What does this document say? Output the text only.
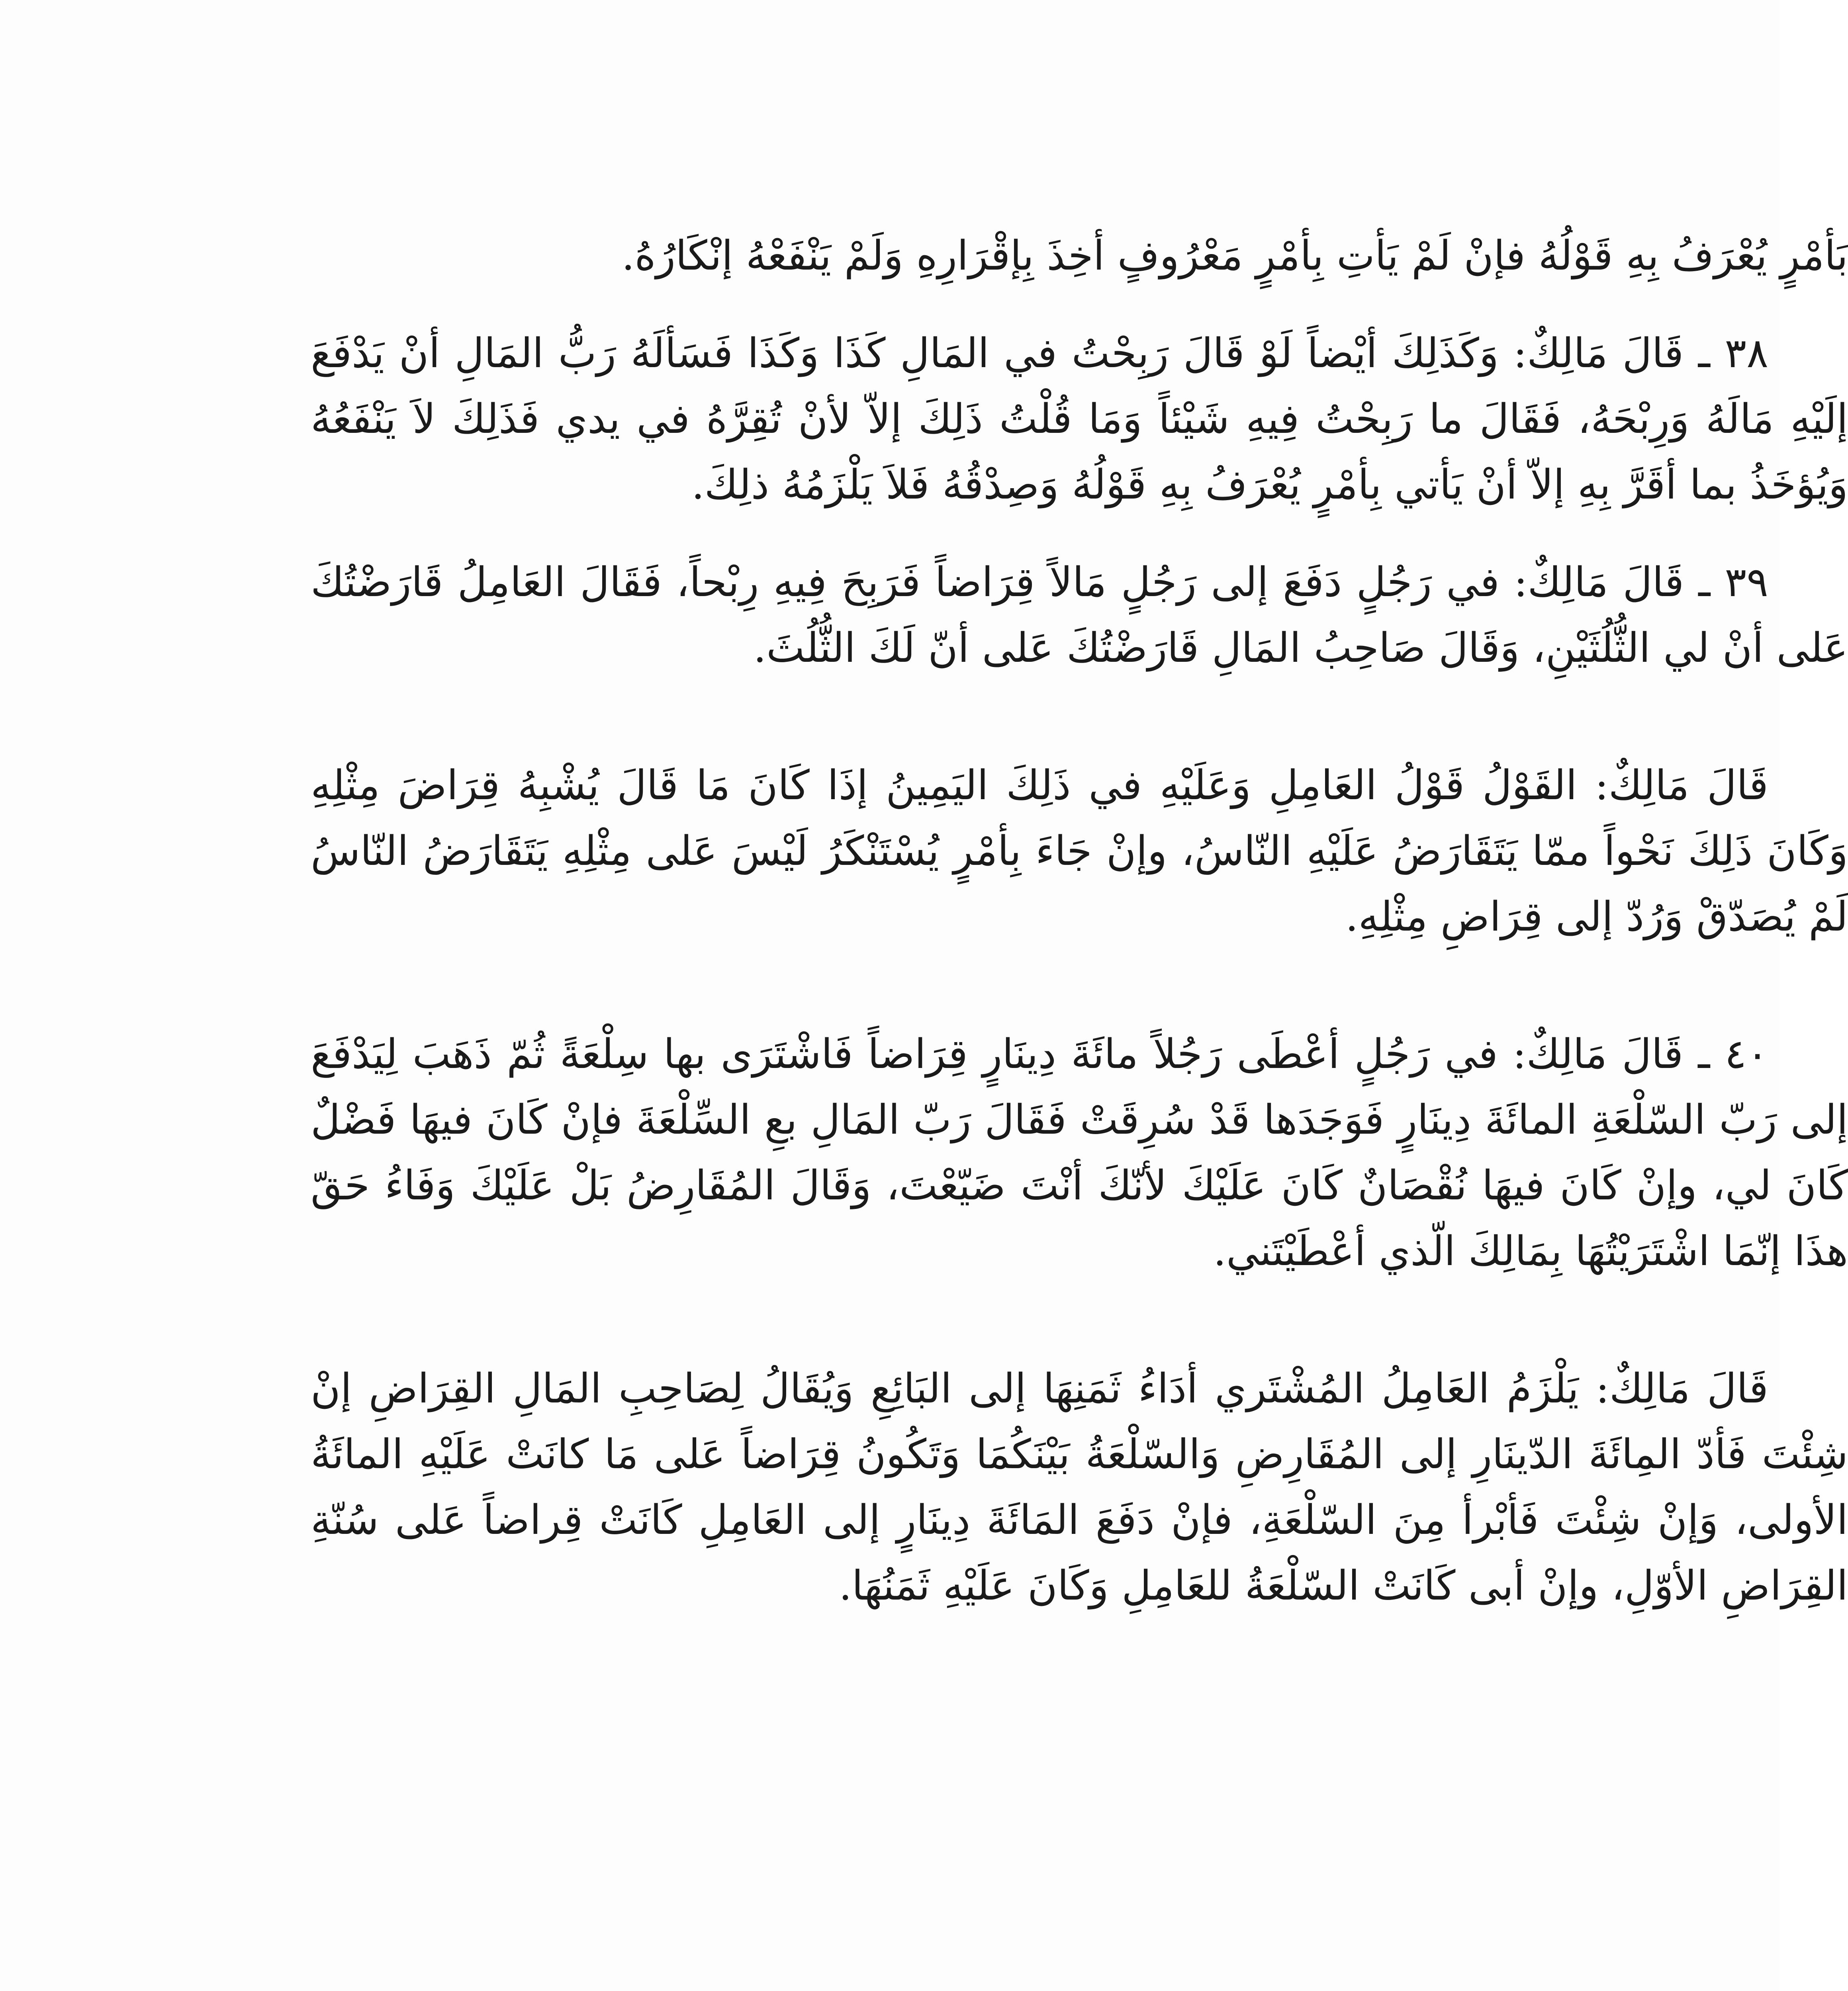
بَأمْرٍ يُعْرَفُ بِهِ قَوْلُهُ فإنْ لَمْ يَأتِ بِأمْرٍ مَعْرُوفٍ أخِذَ بِإقْرَارِهِ وَلَمْ يَنْفَعْهُ إنْكَارُهُ.

٣٨ ـ قَالَ مَالِكٌ: وَكَذَلِكَ أيْضاً لَوْ قَالَ رَبِحْتُ في المَالِ كَذَا وَكَذَا فَسَألَهُ رَبُّ المَالِ أنْ يَدْفَعَ إلَيْهِ مَالَهُ وَرِبْحَهُ، فَقَالَ ما رَبِحْتُ فِيهِ شَيْئاً وَمَا قُلْتُ ذَلِكَ إلاّ لأنْ تُقِرَّهُ في يدي فَذَلِكَ لاَ يَنْفَعُهُ وَيُؤخَذُ بما أقَرَّ بِهِ إلاّ أنْ يَأتي بِأمْرٍ يُعْرَفُ بِهِ قَوْلُهُ وَصِدْقُهُ فَلاَ يَلْزَمُهُ ذلِكَ.

٣٩ ـ قَالَ مَالِكٌ: في رَجُلٍ دَفَعَ إلى رَجُلٍ مَالاً قِرَاضاً فَرَبِحَ فِيهِ رِبْحاً، فَقَالَ العَامِلُ قَارَضْتُكَ عَلى أنْ لي الثُّلُثَيْنِ، وَقَالَ صَاحِبُ المَالِ قَارَضْتُكَ عَلى أنّ لَكَ الثُّلُثَ.

قَالَ مَالِكٌ: القَوْلُ قَوْلُ العَامِلِ وَعَلَيْهِ في ذَلِكَ اليَمِينُ إذَا كَانَ مَا قَالَ يُشْبِهُ قِرَاضَ مِثْلِهِ وَكَانَ ذَلِكَ نَحْواً ممّا يَتَقَارَضُ عَلَيْهِ النّاسُ، وإنْ جَاءَ بِأمْرٍ يُسْتَنْكَرُ لَيْسَ عَلى مِثْلِهِ يَتَقَارَضُ النّاسُ لَمْ يُصَدّقْ وَرُدّ إلى قِرَاضِ مِثْلِهِ.

٤٠ ـ قَالَ مَالِكٌ: في رَجُلٍ أعْطَى رَجُلاً مائَةَ دِينَارٍ قِرَاضاً فَاشْتَرَى بها سِلْعَةً ثُمّ ذَهَبَ لِيَدْفَعَ إلى رَبّ السّلْعَةِ المائَةَ دِينَارٍ فَوَجَدَها قَدْ سُرِقَتْ فَقَالَ رَبّ المَالِ بعِ السِّلْعَةَ فإنْ كَانَ فيهَا فَضْلٌ كَانَ لي، وإنْ كَانَ فيهَا نُقْصَانٌ كَانَ عَلَيْكَ لأنّكَ أنْتَ ضَيّعْتَ، وَقَالَ المُقَارِضُ بَلْ عَلَيْكَ وَفَاءُ حَقّ هذَا إنّمَا اشْتَرَيْتُهَا بِمَالِكَ الّذي أعْطَيْتَني.

قَالَ مَالِكٌ: يَلْزَمُ العَامِلُ المُشْتَري أدَاءُ ثَمَنِهَا إلى البَائِعِ وَيُقَالُ لِصَاحِبِ المَالِ القِرَاضِ إنْ شِئْتَ فَأدّ المِائَةَ الدّينَارِ إلى المُقَارِضِ وَالسّلْعَةُ بَيْنَكُمَا وَتَكُونُ قِرَاضاً عَلى مَا كانَتْ عَلَيْهِ المائَةُ الأولى، وَإنْ شِئْتَ فَأبْرأ مِنَ السّلْعَةِ، فإنْ دَفَعَ المَائَةَ دِينَارٍ إلى العَامِلِ كَانَتْ قِراضاً عَلى سُنّةِ القِرَاضِ الأوّلِ، وإنْ أبى كَانَتْ السّلْعَةُ للعَامِلِ وَكَانَ عَلَيْهِ ثَمَنُهَا.
